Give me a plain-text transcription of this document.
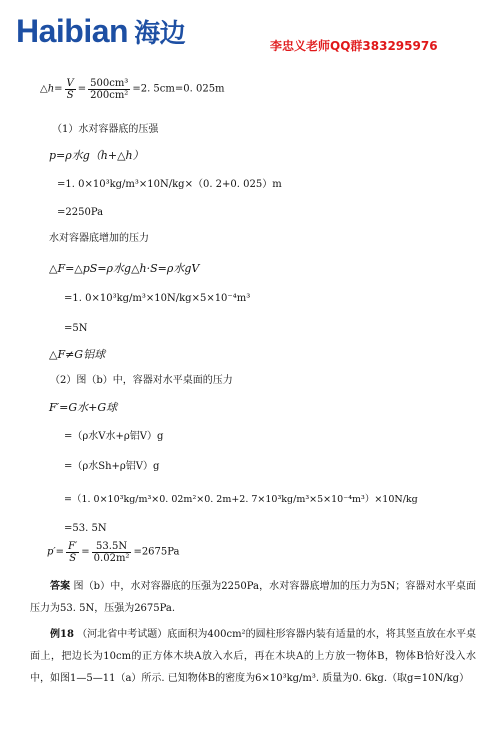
Haibian 海边	李忠义老师QQ群383295976
△h= $\frac{V}{S} = \frac{\text{500cm³}}{\text{200cm²}} =2$. 5cm=0. 025m
（1）水对容器底的压强
p=ρ水g（h+△h）
=1. 0×10³kg/m³×10N/kg×（0. 2+0. 025）m
=2250Pa
水对容器底增加的压力
△F=△pS=ρ水g△h·S=ρ水gV
=1. 0×10³kg/m³×10N/kg×5×10⁻⁴m³
=5N
△F≠G铝球
（2）图（b）中，容器对水平桌面的压力
F′=G水+G球
=（ρ水V水+ρ铝V）g
=（ρ水Sh+ρ铝V）g
=（1. 0×10³kg/m³×0. 02m²×0. 2m+2. 7×10³kg/m³×5×10⁻⁴m³）×10N/kg
=53. 5N
$p'= \frac{F'}{S} = \frac{53.5N}{\text{0.02m²}} =2675Pa$
答案 图（b）中，水对容器底的压强为2250Pa，水对容器底增加的压力为5N；容器对水平桌面压力为53. 5N，压强为2675Pa.
例18 （河北省中考试题）底面积为400cm²的圆柱形容器内装有适量的水，将其竖直放在水平桌面上，把边长为10cm的正方体木块A放入水后，再在木块A的上方放一物体B，物体B恰好没入水中，如图1—5—11（a）所示. 已知物体B的密度为6×10³kg/m³. 质量为0. 6kg.（取g=10N/kg）
